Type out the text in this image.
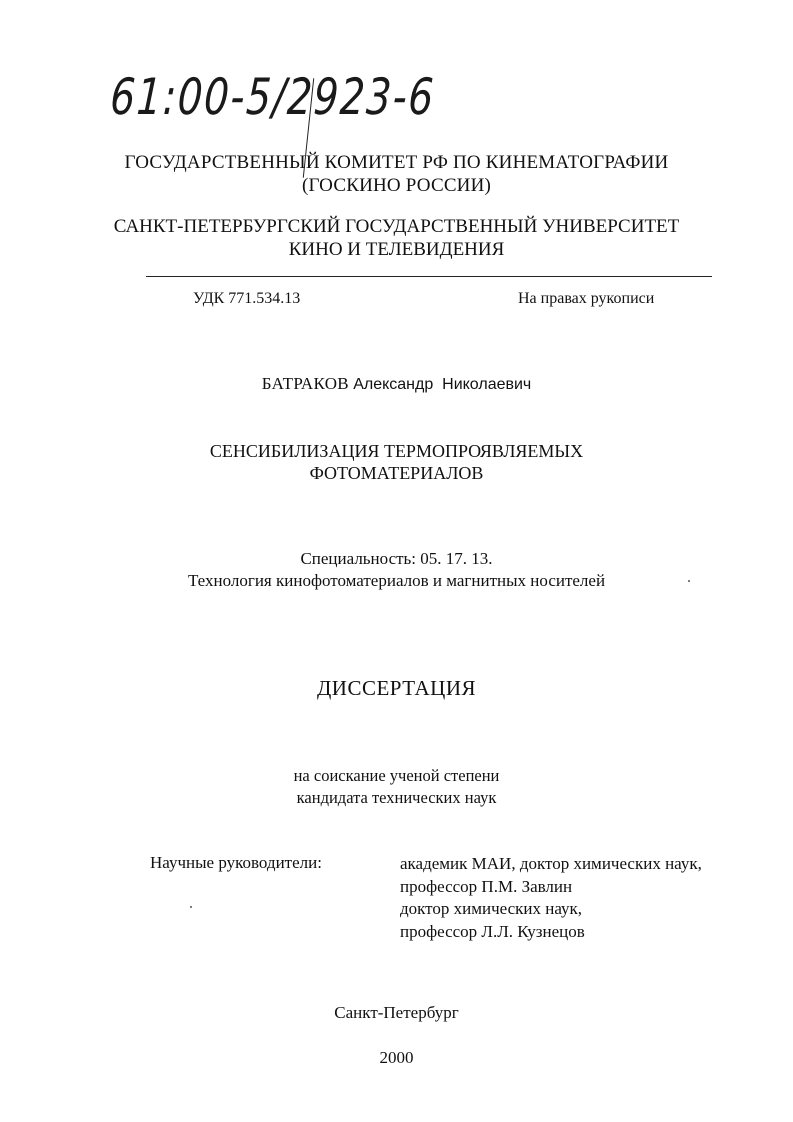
61:00-5/2923-6
ГОСУДАРСТВЕННЫЙ КОМИТЕТ РФ ПО КИНЕМАТОГРАФИИ
(ГОСКИНО РОССИИ)
САНКТ-ПЕТЕРБУРГСКИЙ ГОСУДАРСТВЕННЫЙ УНИВЕРСИТЕТ
КИНО И ТЕЛЕВИДЕНИЯ
УДК 771.534.13	На правах рукописи
БАТРАКОВ Александр  Николаевич
СЕНСИБИЛИЗАЦИЯ ТЕРМОПРОЯВЛЯЕМЫХ
ФОТОМАТЕРИАЛОВ
Специальность: 05. 17. 13.
Технология кинофотоматериалов и магнитных носителей
ДИССЕРТАЦИЯ
на соискание ученой степени
кандидата технических наук
Научные руководители:	академик МАИ, доктор химических наук,
профессор П.М. Завлин
доктор химических наук,
профессор Л.Л. Кузнецов
Санкт-Петербург
2000
